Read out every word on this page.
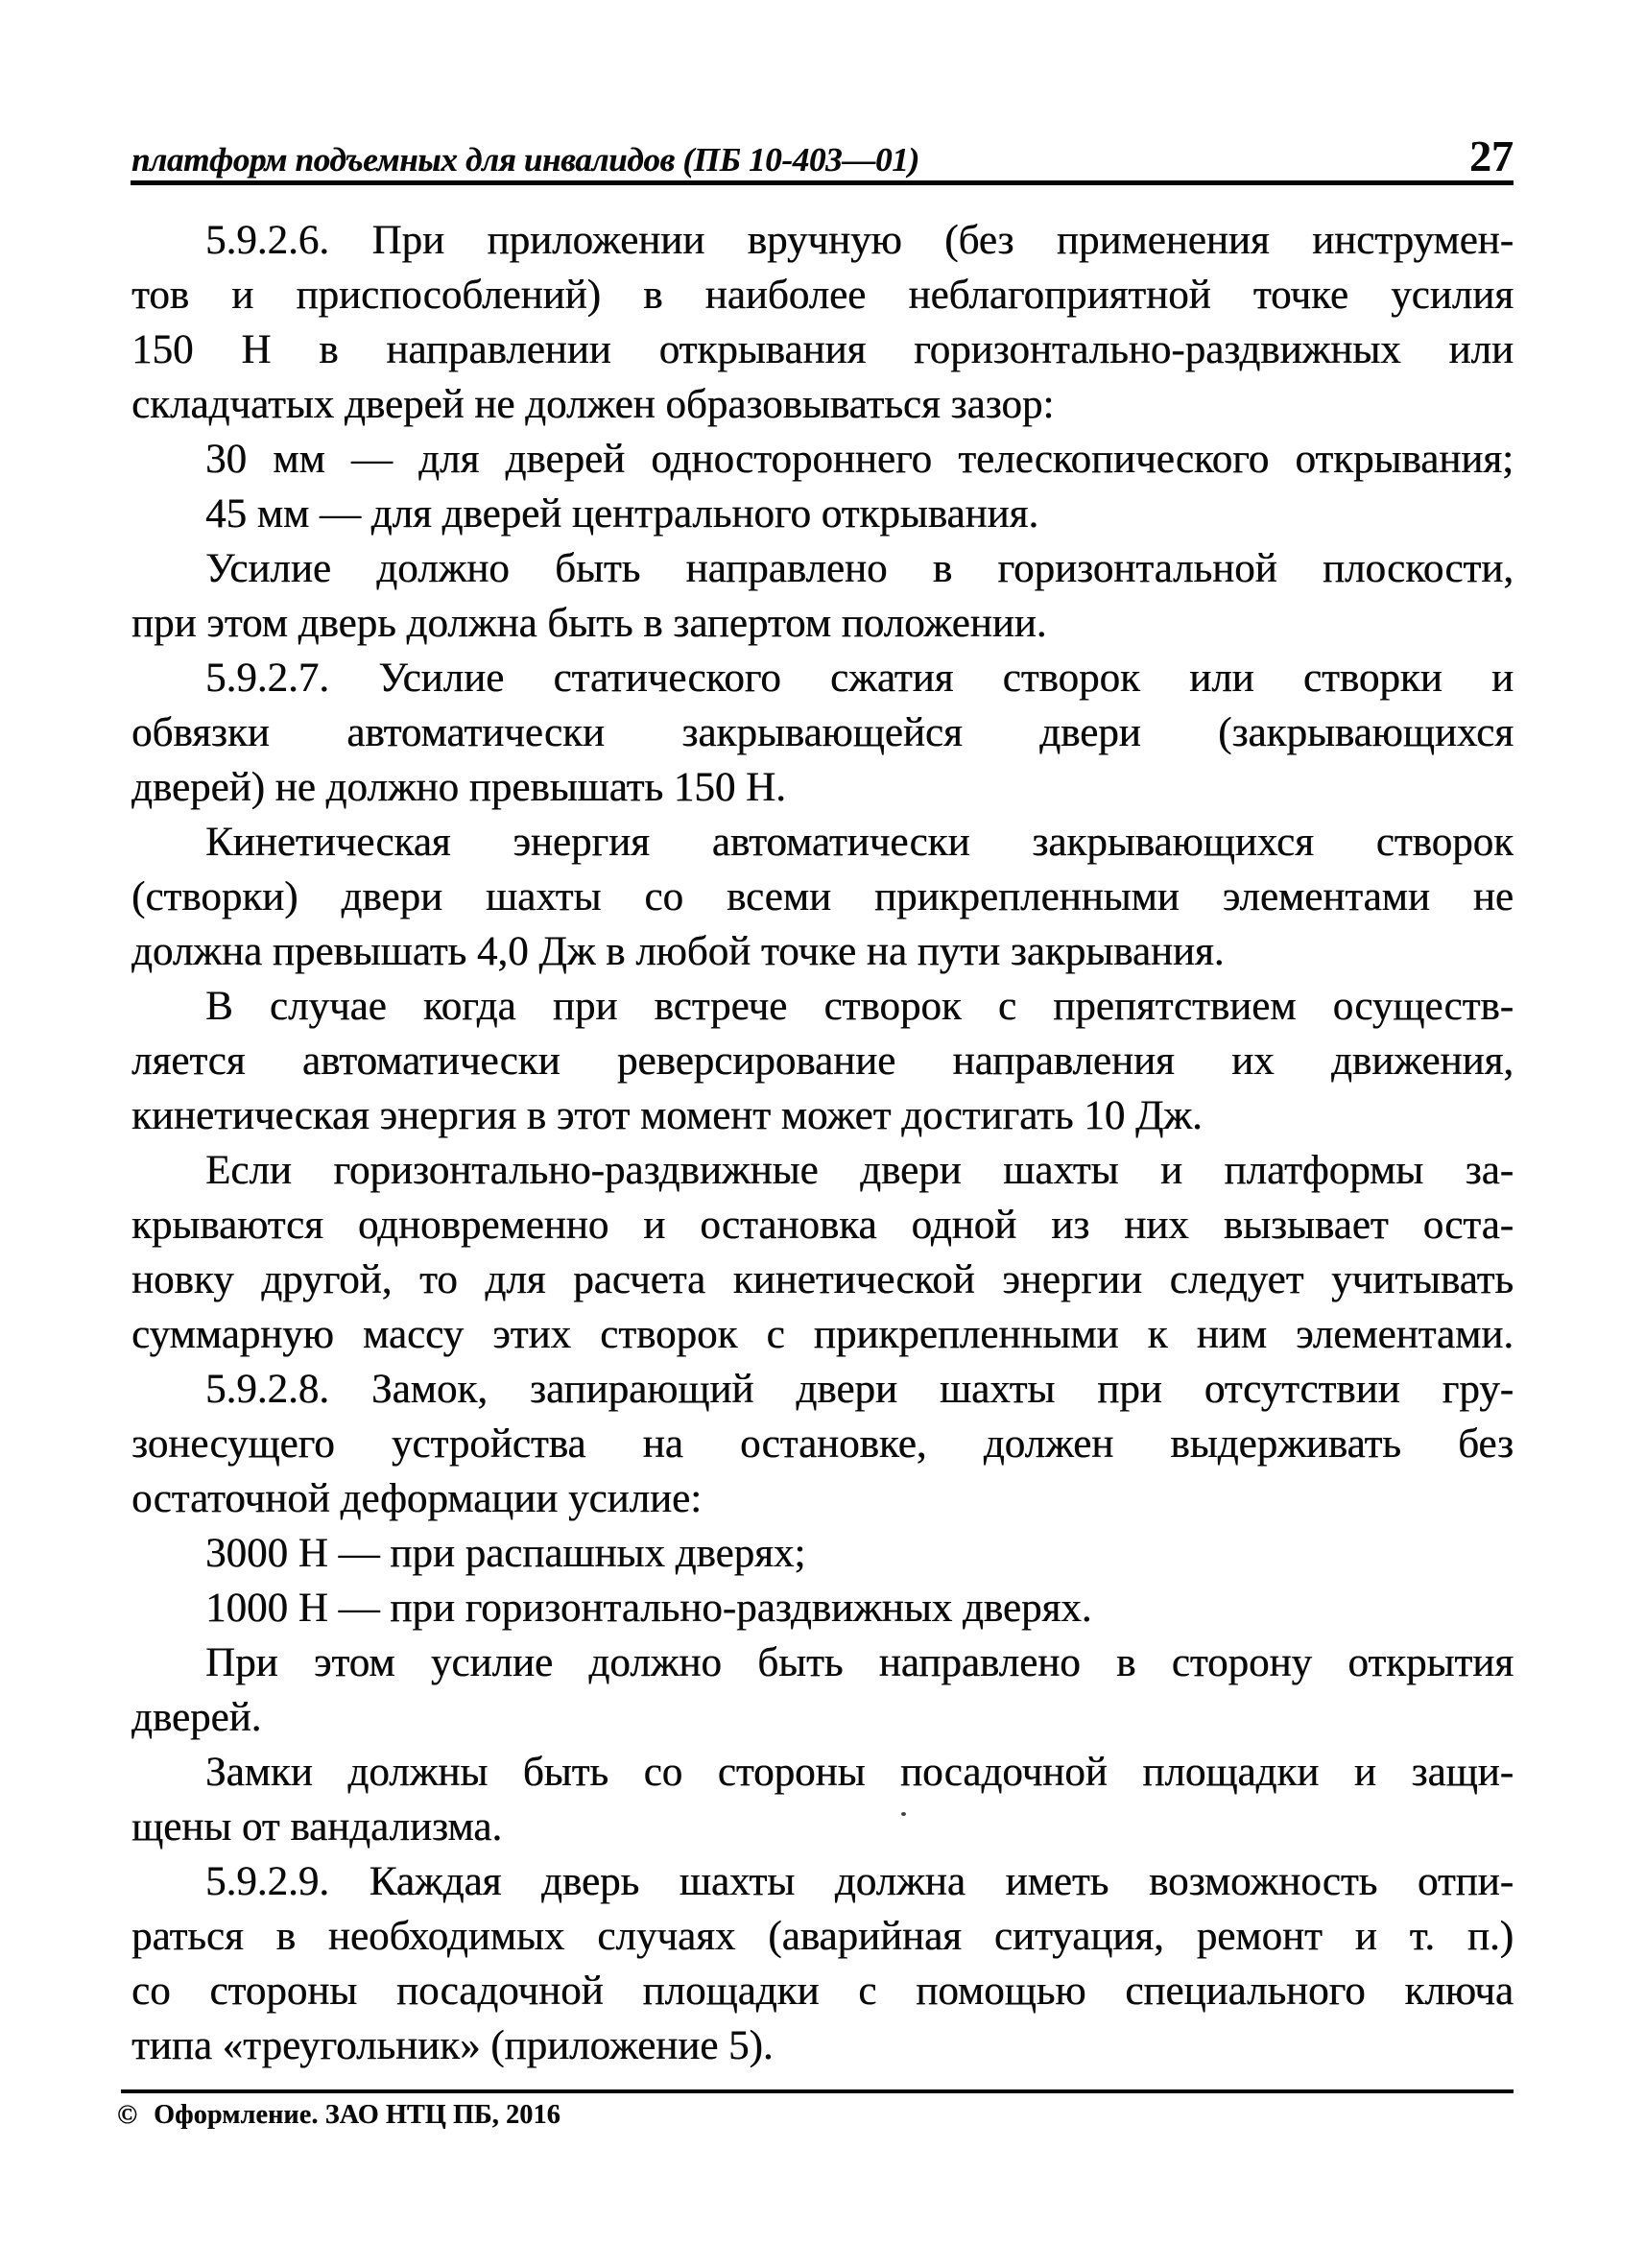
платформ подъемных для инвалидов (ПБ 10-403—01)	27
5.9.2.6. При приложении вручную (без применения инструмен-
тов и приспособлений) в наиболее неблагоприятной точке усилия
150 Н в направлении открывания горизонтально-раздвижных или
складчатых дверей не должен образовываться зазор:
30 мм — для дверей одностороннего телескопического открывания;
45 мм — для дверей центрального открывания.
Усилие должно быть направлено в горизонтальной плоскости,
при этом дверь должна быть в запертом положении.
5.9.2.7. Усилие статического сжатия створок или створки и
обвязки автоматически закрывающейся двери (закрывающихся
дверей) не должно превышать 150 Н.
Кинетическая энергия автоматически закрывающихся створок
(створки) двери шахты со всеми прикрепленными элементами не
должна превышать 4,0 Дж в любой точке на пути закрывания.
В случае когда при встрече створок с препятствием осуществ-
ляется автоматически реверсирование направления их движения,
кинетическая энергия в этот момент может достигать 10 Дж.
Если горизонтально-раздвижные двери шахты и платформы за-
крываются одновременно и остановка одной из них вызывает оста-
новку другой, то для расчета кинетической энергии следует учитывать
суммарную массу этих створок с прикрепленными к ним элементами.
5.9.2.8. Замок, запирающий двери шахты при отсутствии гру-
зонесущего устройства на остановке, должен выдерживать без
остаточной деформации усилие:
3000 Н — при распашных дверях;
1000 Н — при горизонтально-раздвижных дверях.
При этом усилие должно быть направлено в сторону открытия
дверей.
Замки должны быть со стороны посадочной площадки и защи-
щены от вандализма.
5.9.2.9. Каждая дверь шахты должна иметь возможность отпи-
раться в необходимых случаях (аварийная ситуация, ремонт и т. п.)
со стороны посадочной площадки с помощью специального ключа
типа «треугольник» (приложение 5).
© Оформление. ЗАО НТЦ ПБ, 2016
